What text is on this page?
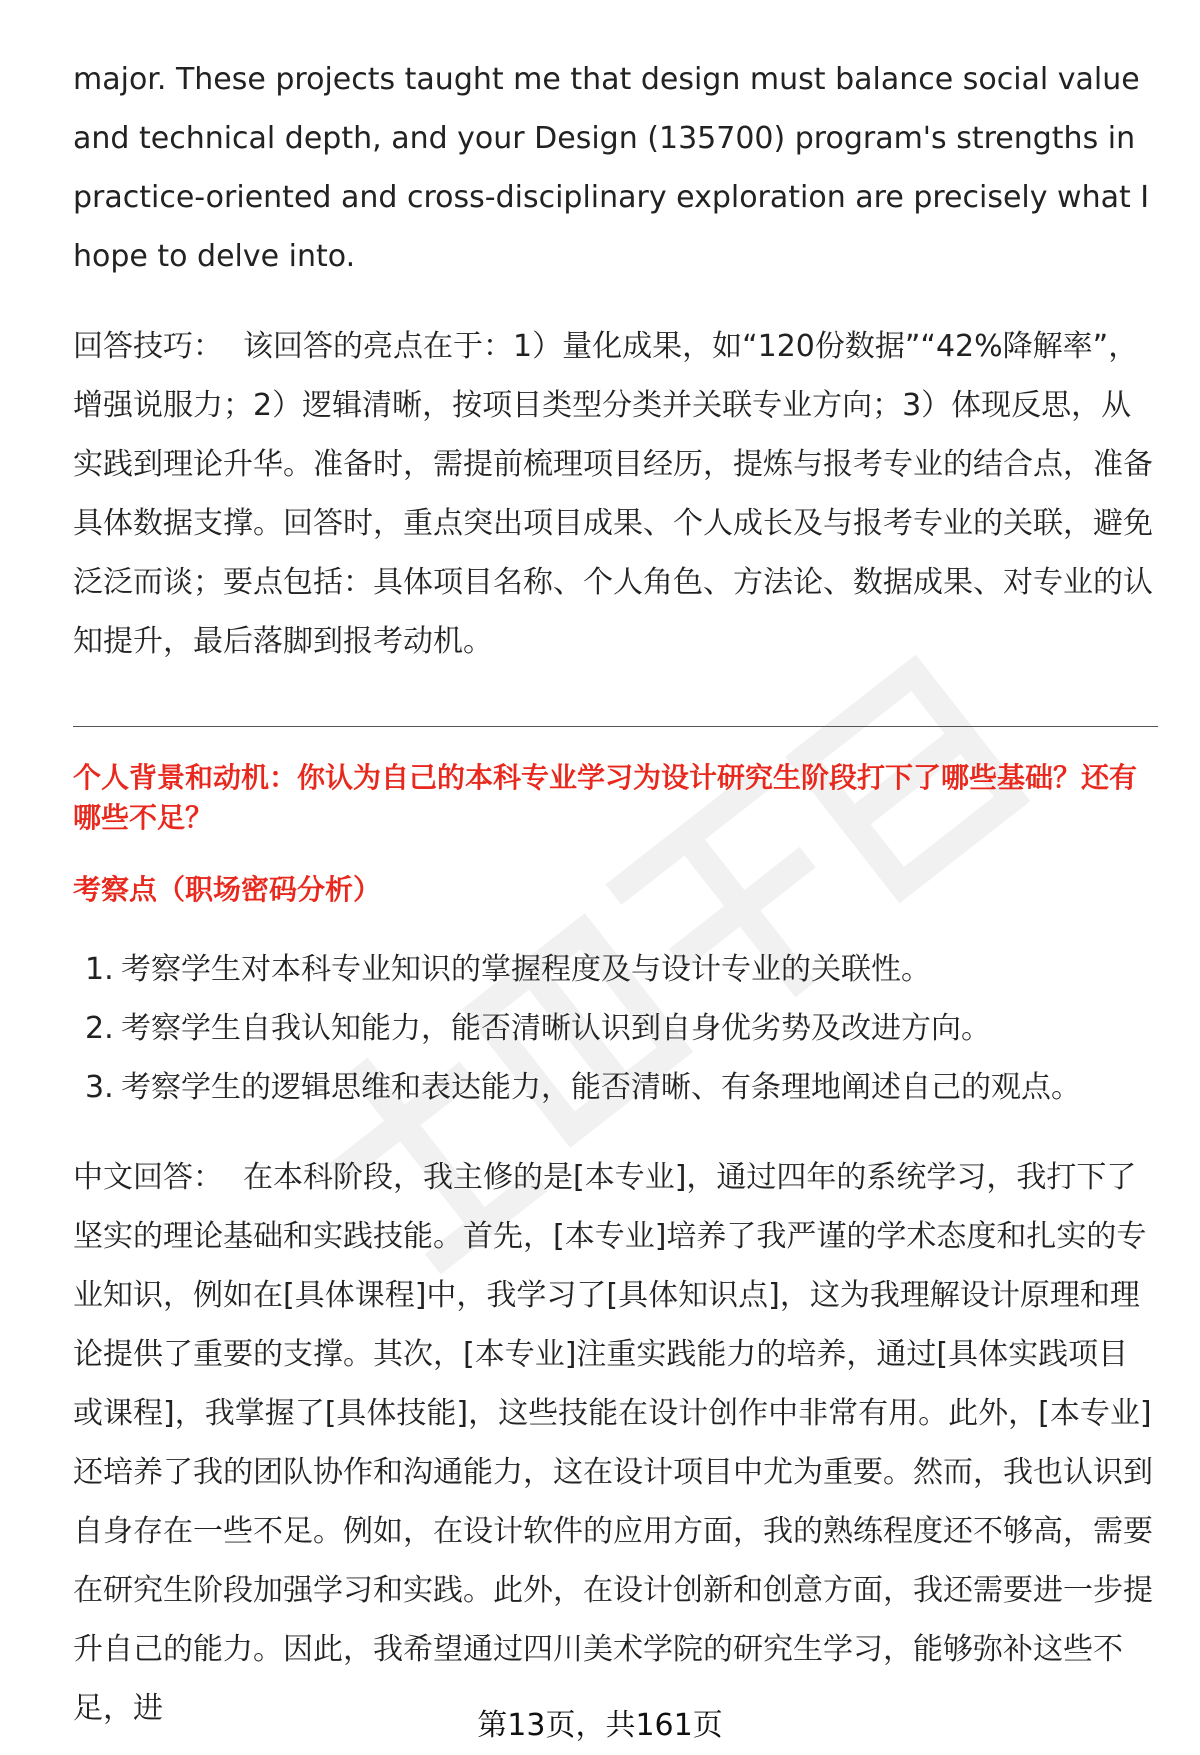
major. These projects taught me that design must balance social value and technical depth, and your Design (135700) program's strengths in practice-oriented and cross-disciplinary exploration are precisely what I hope to delve into.

回答技巧： 该回答的亮点在于：1）量化成果，如“120份数据”“42%降解率”，增强说服力；2）逻辑清晰，按项目类型分类并关联专业方向；3）体现反思，从实践到理论升华。准备时，需提前梳理项目经历，提炼与报考专业的结合点，准备具体数据支撑。回答时，重点突出项目成果、个人成长及与报考专业的关联，避免泛泛而谈；要点包括：具体项目名称、个人角色、方法论、数据成果、对专业的认知提升，最后落脚到报考动机。

个人背景和动机：你认为自己的本科专业学习为设计研究生阶段打下了哪些基础？还有哪些不足？
考察点（职场密码分析）
1. 考察学生对本科专业知识的掌握程度及与设计专业的关联性。
2. 考察学生自我认知能力，能否清晰认识到自身优劣势及改进方向。
3. 考察学生的逻辑思维和表达能力，能否清晰、有条理地阐述自己的观点。

中文回答： 在本科阶段，我主修的是[本专业]，通过四年的系统学习，我打下了坚实的理论基础和实践技能。首先，[本专业]培养了我严谨的学术态度和扎实的专业知识，例如在[具体课程]中，我学习了[具体知识点]，这为我理解设计原理和理论提供了重要的支撑。其次，[本专业]注重实践能力的培养，通过[具体实践项目或课程]，我掌握了[具体技能]，这些技能在设计创作中非常有用。此外，[本专业]还培养了我的团队协作和沟通能力，这在设计项目中尤为重要。然而，我也认识到自身存在一些不足。例如，在设计软件的应用方面，我的熟练程度还不够高，需要在研究生阶段加强学习和实践。此外，在设计创新和创意方面，我还需要进一步提升自己的能力。因此，我希望通过四川美术学院的研究生学习，能够弥补这些不足，进	第13页，共161页
